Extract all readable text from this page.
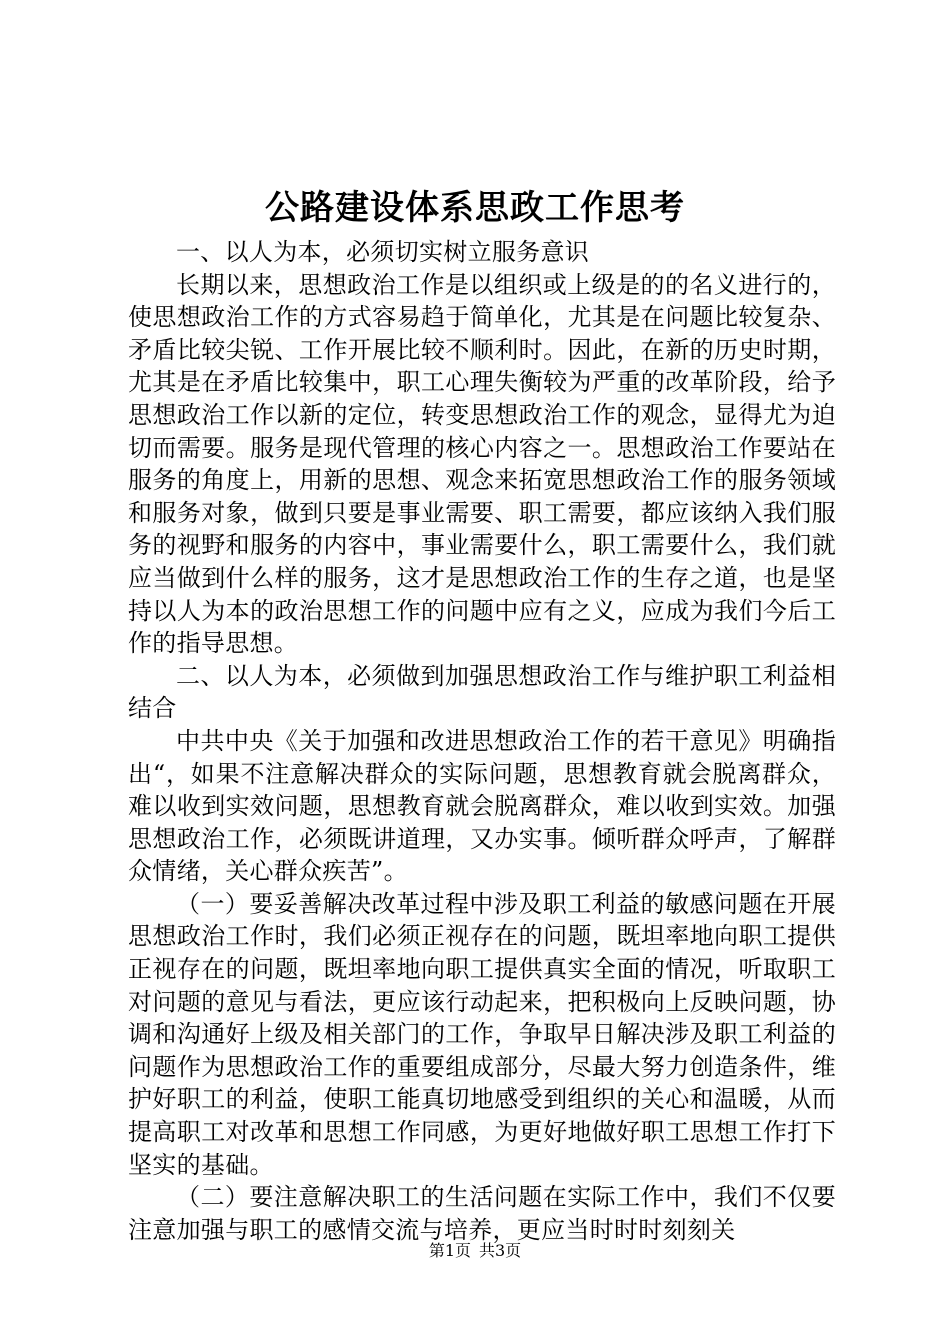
公路建设体系思政工作思考

一、以人为本，必须切实树立服务意识

长期以来，思想政治工作是以组织或上级是的的名义进行的，使思想政治工作的方式容易趋于简单化，尤其是在问题比较复杂、矛盾比较尖锐、工作开展比较不顺利时。因此，在新的历史时期，尤其是在矛盾比较集中，职工心理失衡较为严重的改革阶段，给予思想政治工作以新的定位，转变思想政治工作的观念，显得尤为迫切而需要。服务是现代管理的核心内容之一。思想政治工作要站在服务的角度上，用新的思想、观念来拓宽思想政治工作的服务领域和服务对象，做到只要是事业需要、职工需要，都应该纳入我们服务的视野和服务的内容中，事业需要什么，职工需要什么，我们就应当做到什么样的服务，这才是思想政治工作的生存之道，也是坚持以人为本的政治思想工作的问题中应有之义，应成为我们今后工作的指导思想。

二、以人为本，必须做到加强思想政治工作与维护职工利益相结合

中共中央《关于加强和改进思想政治工作的若干意见》明确指出“，如果不注意解决群众的实际问题，思想教育就会脱离群众，难以收到实效问题，思想教育就会脱离群众，难以收到实效。加强思想政治工作，必须既讲道理，又办实事。倾听群众呼声，了解群众情绪，关心群众疾苦”。

（一）要妥善解决改革过程中涉及职工利益的敏感问题在开展思想政治工作时，我们必须正视存在的问题，既坦率地向职工提供正视存在的问题，既坦率地向职工提供真实全面的情况，听取职工对问题的意见与看法，更应该行动起来，把积极向上反映问题，协调和沟通好上级及相关部门的工作，争取早日解决涉及职工利益的问题作为思想政治工作的重要组成部分，尽最大努力创造条件，维护好职工的利益，使职工能真切地感受到组织的关心和温暖，从而提高职工对改革和思想工作同感，为更好地做好职工思想工作打下坚实的基础。

（二）要注意解决职工的生活问题在实际工作中，我们不仅要注意加强与职工的感情交流与培养，更应当时时时刻刻关

第1页 共3页
